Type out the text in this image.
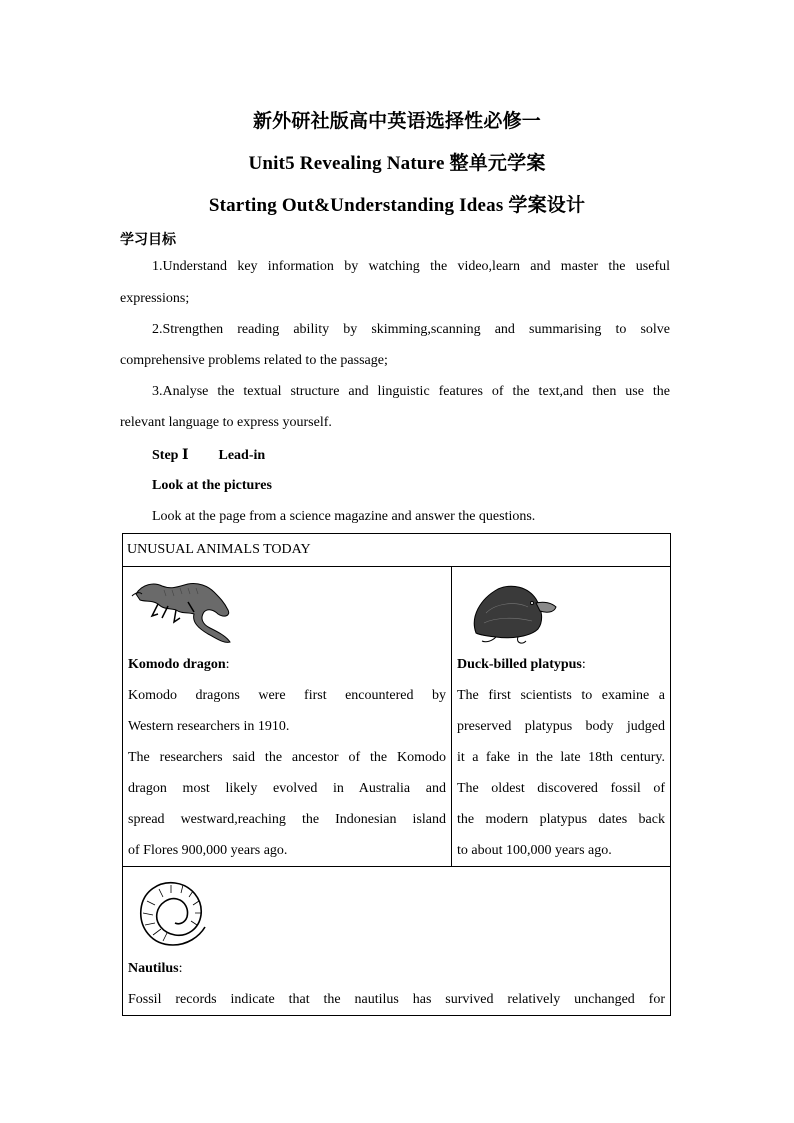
新外研社版高中英语选择性必修一
Unit5 Revealing Nature 整单元学案
Starting Out&Understanding Ideas 学案设计
学习目标
1.Understand key information by watching the video,learn and master the useful
expressions;
2.Strengthen reading ability by skimming,scanning and summarising to solve
comprehensive problems related to the passage;
3.Analyse the textual structure and linguistic features of the text,and then use the
relevant language to express yourself.
Step Ⅰ Lead-in
Look at the pictures
Look at the page from a science magazine and answer the questions.
UNUSUAL ANIMALS TODAY

Komodo dragon:
Komodo dragons were first encountered by
Western researchers in 1910.
The researchers said the ancestor of the Komodo
dragon most likely evolved in Australia and
spread westward,reaching the Indonesian island
of Flores 900,000 years ago.

Duck-billed platypus:
The first scientists to examine a
preserved platypus body judged
it a fake in the late 18th century.
The oldest discovered fossil of
the modern platypus dates back
to about 100,000 years ago.

Nautilus:
Fossil records indicate that the nautilus has survived relatively unchanged for
